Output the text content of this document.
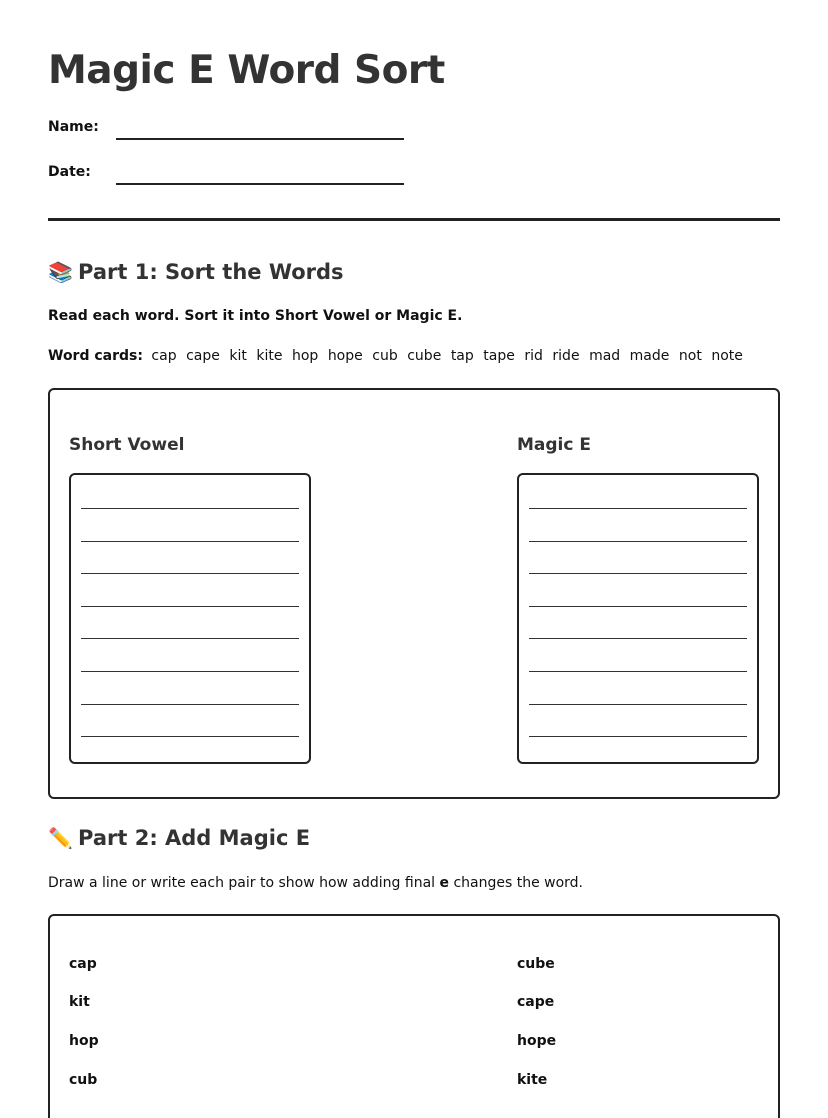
Magic E Word Sort
Name:
Date:
📚 Part 1: Sort the Words

Read each word. Sort it into Short Vowel or Magic E.

Word cards: cap cape kit kite hop hope cub cube tap tape rid ride mad made not note

Short Vowel	Magic E
✏️ Part 2: Add Magic E

Draw a line or write each pair to show how adding final e changes the word.

cap
kit
hop
cub
cube
cape
hope
kite
